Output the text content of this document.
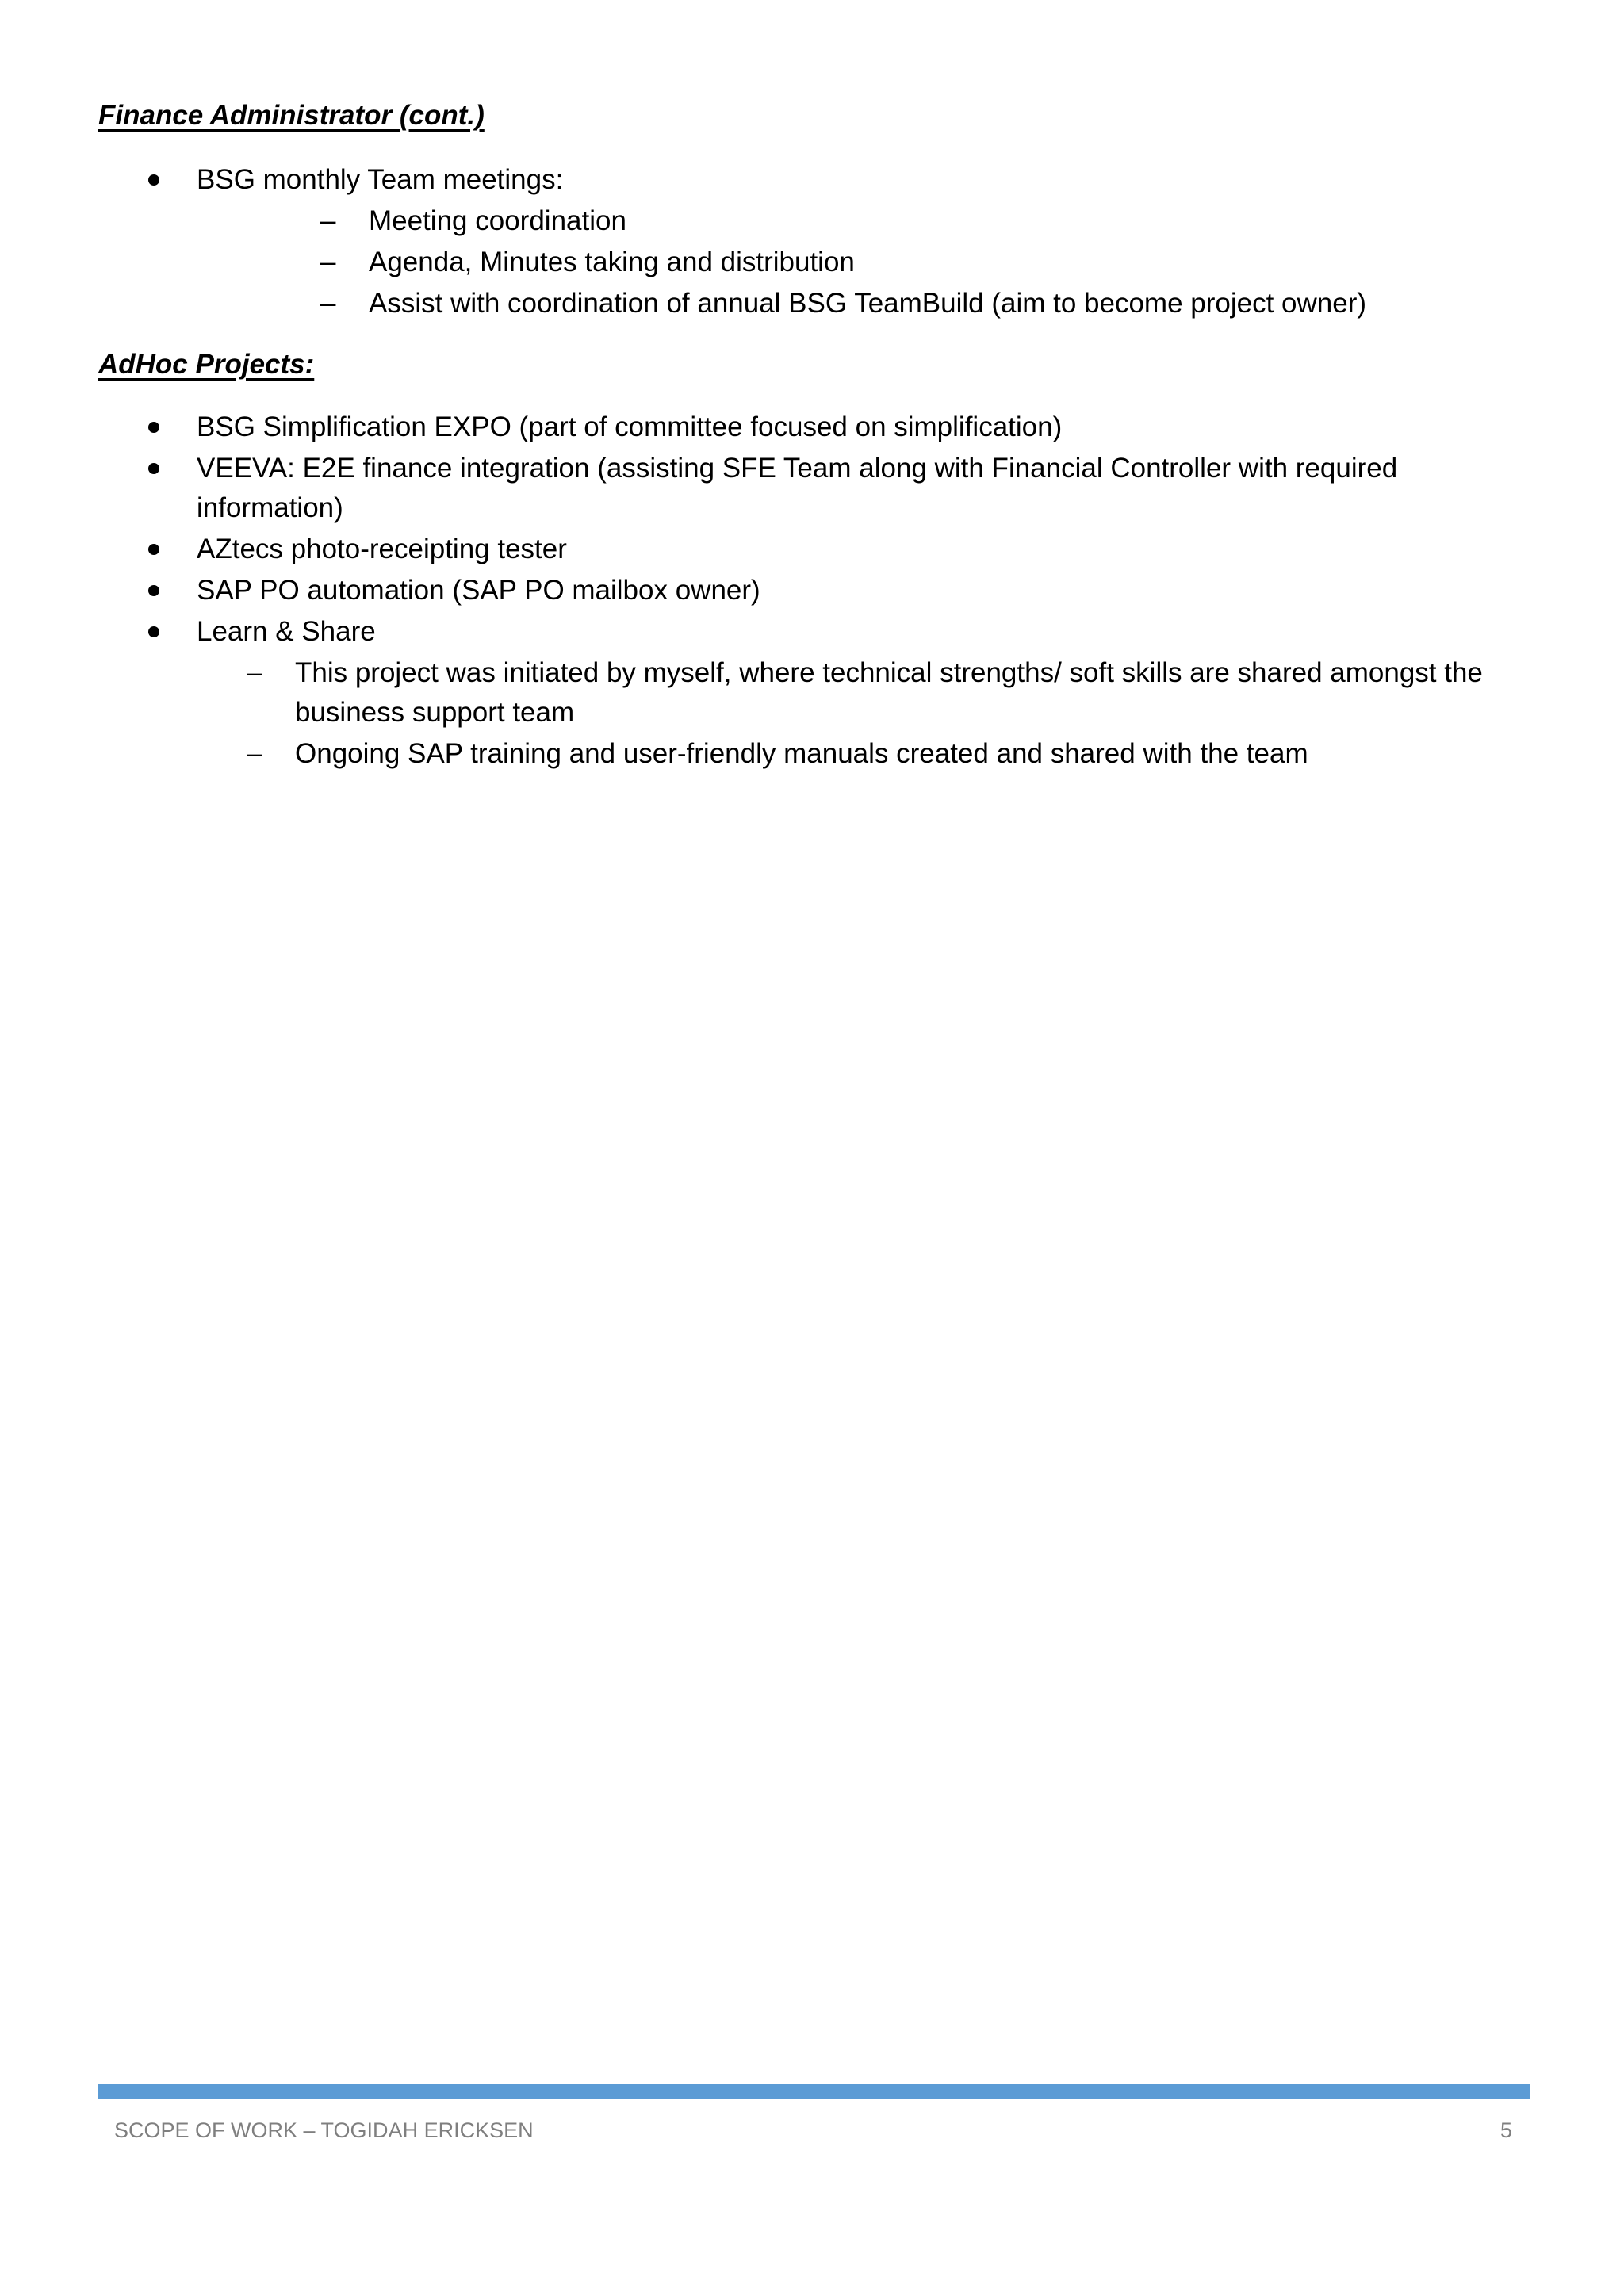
Finance Administrator (cont.)
BSG monthly Team meetings:
– Meeting coordination
– Agenda, Minutes taking and distribution
– Assist with coordination of annual BSG TeamBuild (aim to become project owner)
AdHoc Projects:
BSG Simplification EXPO (part of committee focused on simplification)
VEEVA: E2E finance integration (assisting SFE Team along with Financial Controller with required
information)
AZtecs photo-receipting tester
SAP PO automation (SAP PO mailbox owner)
Learn & Share
– This project was initiated by myself, where technical strengths/ soft skills are shared amongst the
business support team
– Ongoing SAP training and user-friendly manuals created and shared with the team
SCOPE OF WORK – TOGIDAH ERICKSEN	5
